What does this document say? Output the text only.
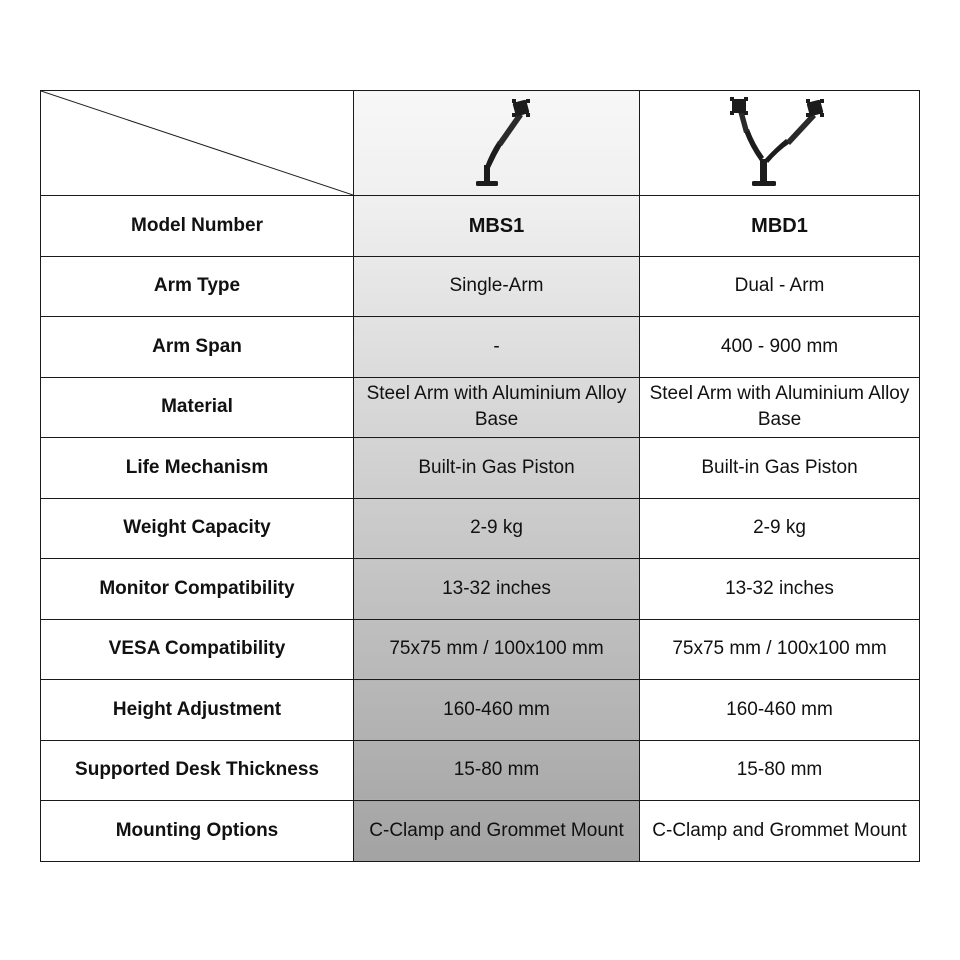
Model Number	MBS1	MBD1
Arm Type	Single-Arm	Dual - Arm
Arm Span	-	400 - 900 mm
Material	Steel Arm with Aluminium Alloy Base	Steel Arm with Aluminium Alloy Base
Life Mechanism	Built-in Gas Piston	Built-in Gas Piston
Weight Capacity	2-9 kg	2-9 kg
Monitor Compatibility	13-32 inches	13-32 inches
VESA Compatibility	75x75 mm / 100x100 mm	75x75 mm / 100x100 mm
Height Adjustment	160-460 mm	160-460 mm
Supported Desk Thickness	15-80 mm	15-80 mm
Mounting Options	C-Clamp and Grommet Mount	C-Clamp and Grommet Mount
